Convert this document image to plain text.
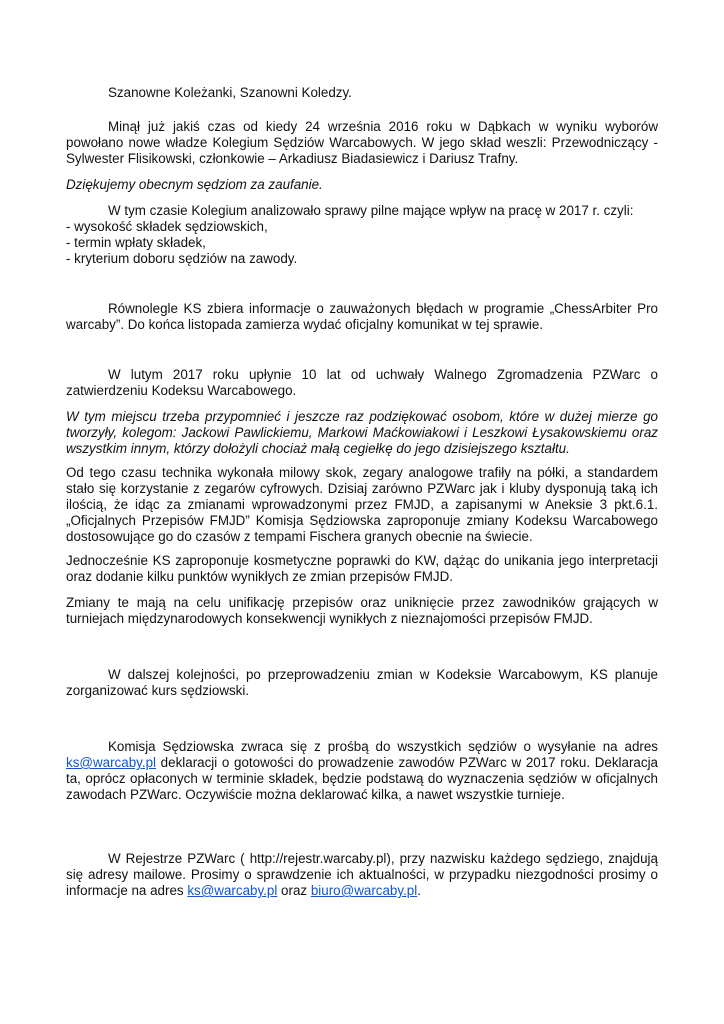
Szanowne Koleżanki, Szanowni Koledzy.

Minął już jakiś czas od kiedy 24 września 2016 roku w Dąbkach w wyniku wyborów powołano nowe władze Kolegium Sędziów Warcabowych. W jego skład weszli: Przewodniczący - Sylwester Flisikowski, członkowie – Arkadiusz Biadasiewicz i Dariusz Trafny.

Dziękujemy obecnym sędziom za zaufanie.

W tym czasie Kolegium analizowało sprawy pilne mające wpływ na pracę w 2017 r. czyli:

- wysokość składek sędziowskich,
- termin wpłaty składek,
- kryterium doboru sędziów na zawody.

Równolegle KS zbiera informacje o zauważonych błędach w programie „ChessArbiter Pro warcaby”. Do końca listopada zamierza wydać oficjalny komunikat w tej sprawie.

W lutym 2017 roku upłynie 10 lat od uchwały Walnego Zgromadzenia PZWarc o zatwierdzeniu Kodeksu Warcabowego.

W tym miejscu trzeba przypomnieć i jeszcze raz podziękować osobom, które w dużej mierze go tworzyły, kolegom: Jackowi Pawlickiemu, Markowi Maćkowiakowi i Leszkowi Łysakowskiemu oraz wszystkim innym, którzy dołożyli chociaż małą cegiełkę do jego dzisiejszego kształtu.

Od tego czasu technika wykonała milowy skok, zegary analogowe trafiły na półki, a standardem stało się korzystanie z zegarów cyfrowych. Dzisiaj zarówno PZWarc jak i kluby dysponują taką ich ilością, że idąc za zmianami wprowadzonymi przez FMJD, a zapisanymi w Aneksie 3 pkt.6.1. „Oficjalnych Przepisów FMJD” Komisja Sędziowska zaproponuje zmiany Kodeksu Warcabowego dostosowujące go do czasów z tempami Fischera granych obecnie na świecie.

Jednocześnie KS zaproponuje kosmetyczne poprawki do KW, dążąc do unikania jego interpretacji oraz dodanie kilku punktów wynikłych ze zmian przepisów FMJD.

Zmiany te mają na celu unifikację przepisów oraz uniknięcie przez zawodników grających w turniejach międzynarodowych konsekwencji wynikłych z nieznajomości przepisów FMJD.

W dalszej kolejności, po przeprowadzeniu zmian w Kodeksie Warcabowym, KS planuje zorganizować kurs sędziowski.

Komisja Sędziowska zwraca się z prośbą do wszystkich sędziów o wysyłanie na adres ks@warcaby.pl deklaracji o gotowości do prowadzenie zawodów PZWarc w 2017 roku. Deklaracja ta, oprócz opłaconych w terminie składek, będzie podstawą do wyznaczenia sędziów w oficjalnych zawodach PZWarc. Oczywiście można deklarować kilka, a nawet wszystkie turnieje.

W Rejestrze PZWarc ( http://rejestr.warcaby.pl), przy nazwisku każdego sędziego, znajdują się adresy mailowe. Prosimy o sprawdzenie ich aktualności, w przypadku niezgodności prosimy o informacje na adres ks@warcaby.pl oraz biuro@warcaby.pl.
